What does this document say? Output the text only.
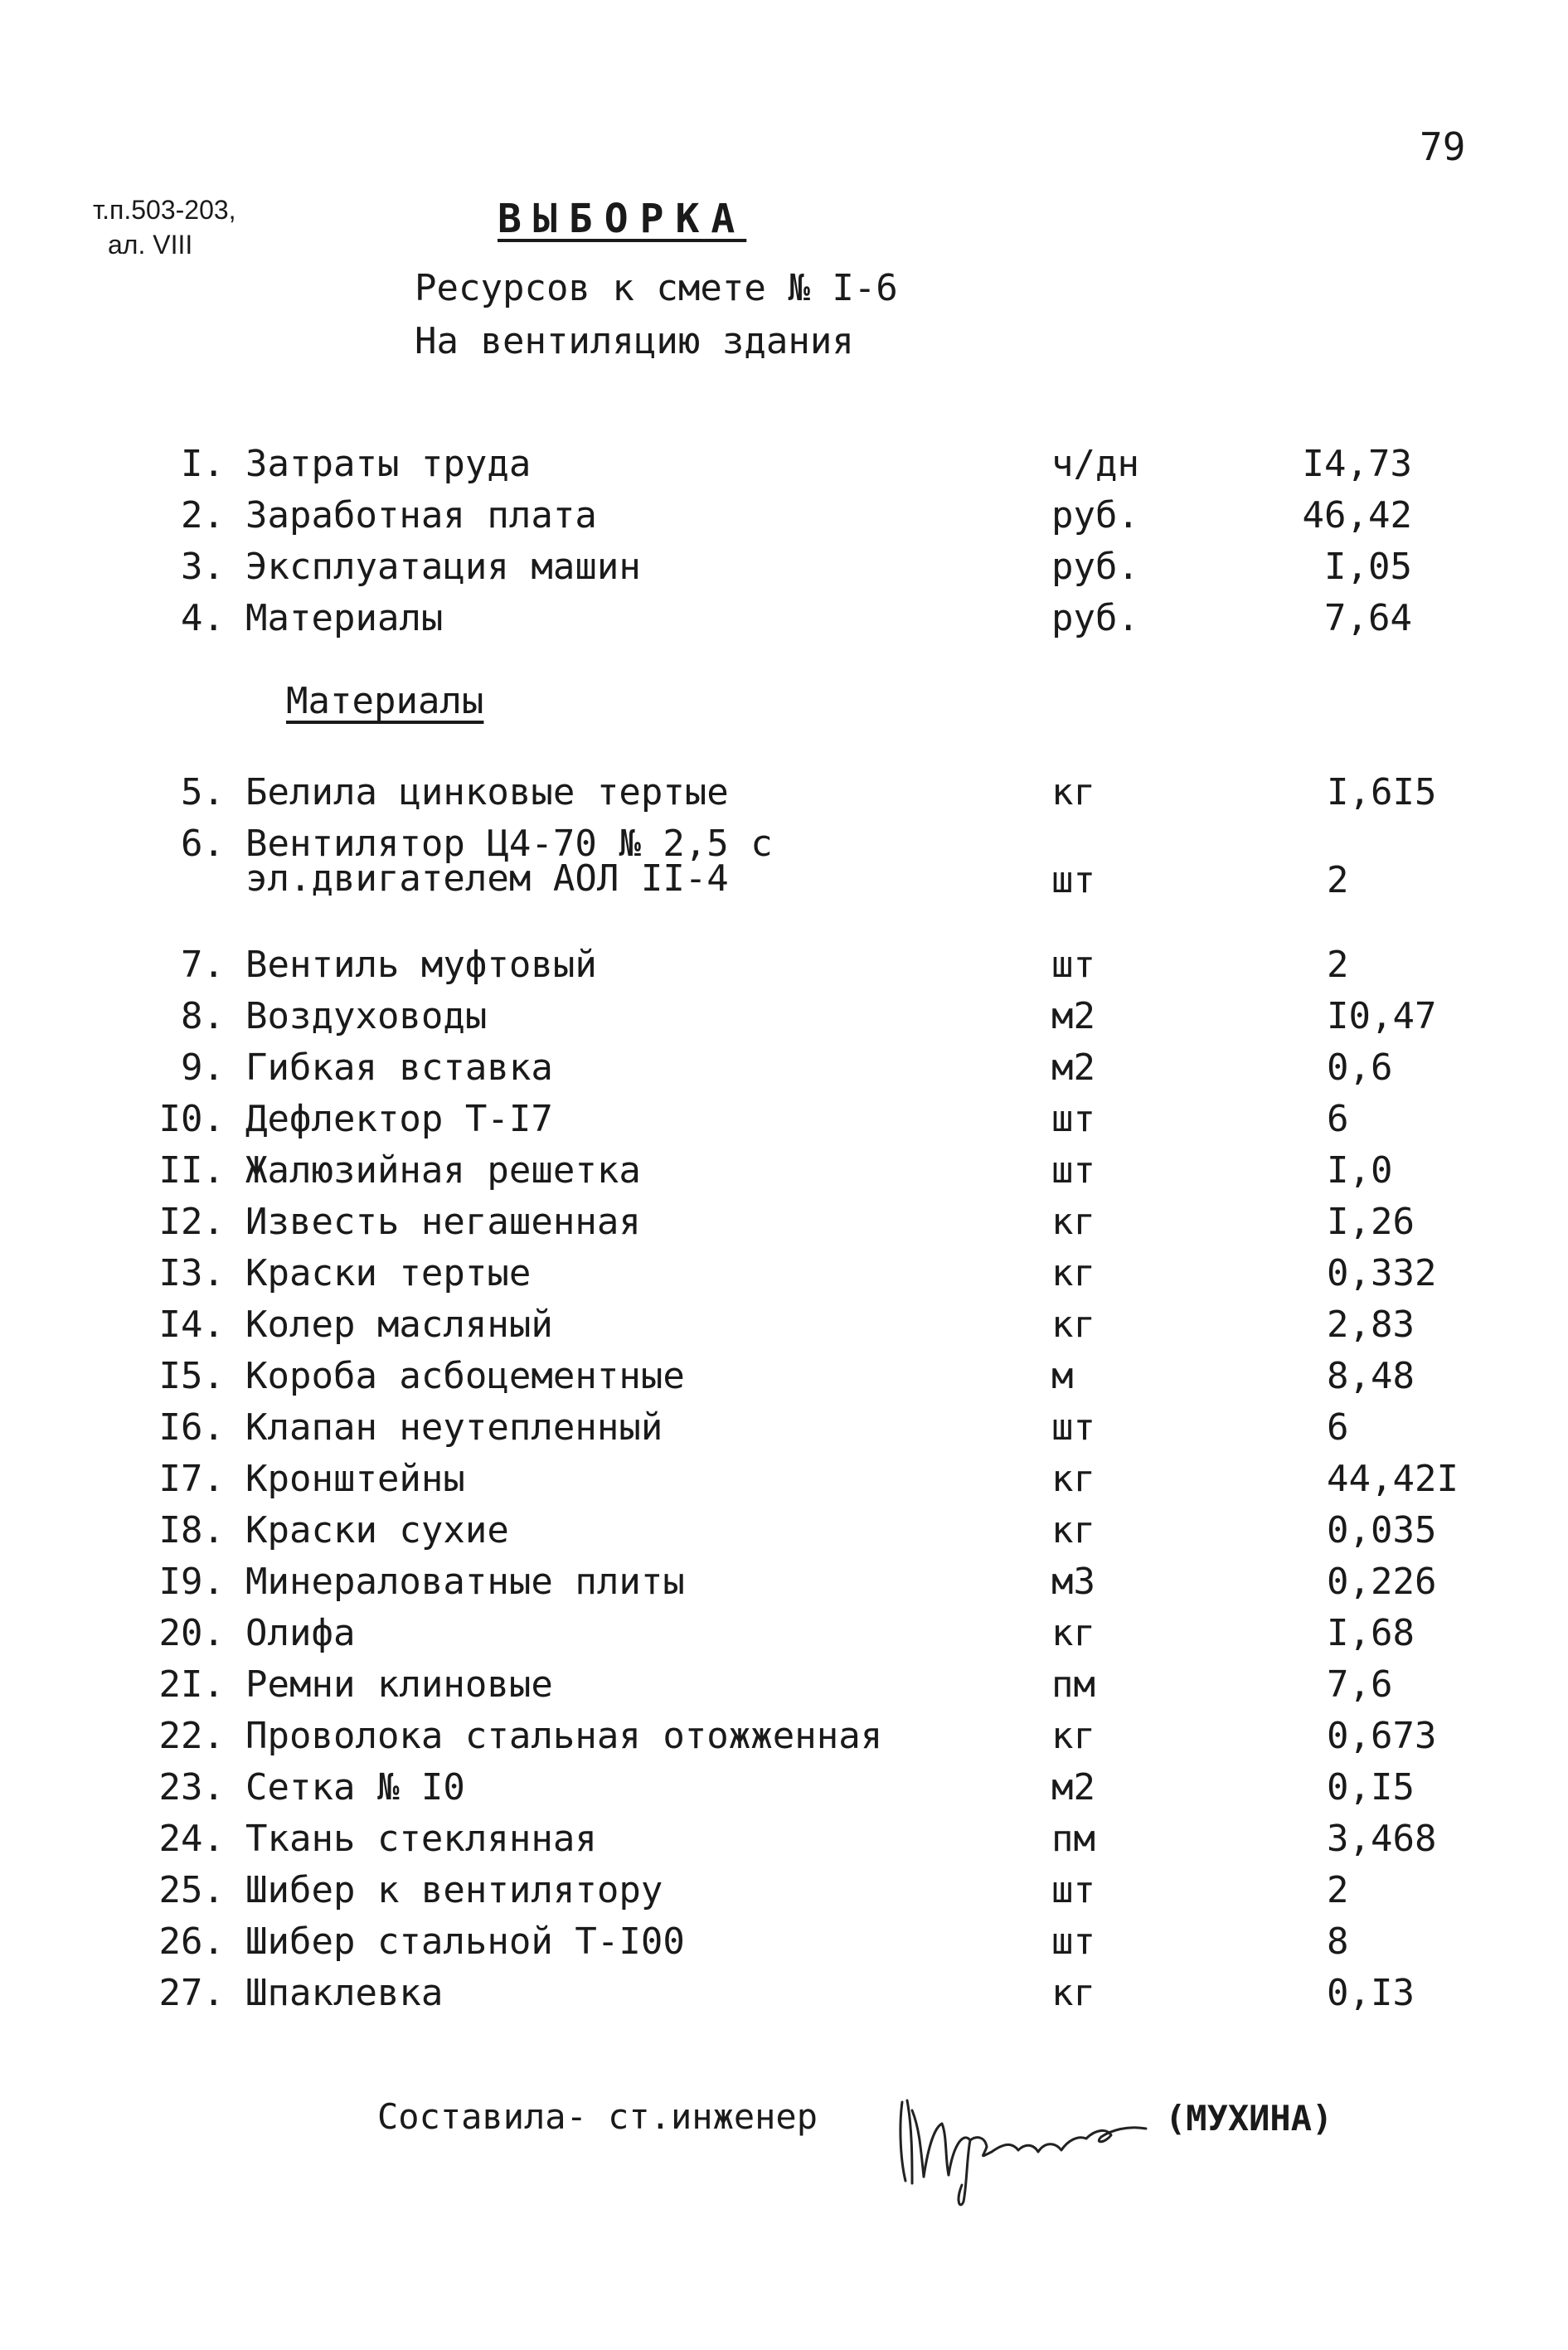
79
т.п.503-203,
ал. VIII
ВЫБОРКА
Ресурсов к смете № I-6
На вентиляцию здания
I. Затраты труда	ч/дн	I4,73
2. Заработная плата	руб.	46,42
3. Эксплуатация машин	руб.	I,05
4. Материалы	руб.	7,64
Материалы
5. Белила цинковые тертые	кг	I,6I5
6. Вентилятор Ц4-70 № 2,5 с
эл.двигателем АОЛ II-4	шт	2
7. Вентиль муфтовый	шт	2
8. Воздуховоды	м2	I0,47
9. Гибкая вставка	м2	0,6
I0. Дефлектор Т-I7	шт	6
II. Жалюзийная решетка	шт	I,0
I2. Известь негашенная	кг	I,26
I3. Краски тертые	кг	0,332
I4. Колер масляный	кг	2,83
I5. Короба асбоцементные	м	8,48
I6. Клапан неутепленный	шт	6
I7. Кронштейны	кг	44,42I
I8. Краски сухие	кг	0,035
I9. Минераловатные плиты	м3	0,226
20. Олифа	кг	I,68
2I. Ремни клиновые	пм	7,6
22. Проволока стальная отожженная	кг	0,673
23. Сетка № I0	м2	0,I5
24. Ткань стеклянная	пм	3,468
25. Шибер к вентилятору	шт	2
26. Шибер стальной Т-I00	шт	8
27. Шпаклевка	кг	0,I3
Составила- ст.инженер	(МУХИНА)
